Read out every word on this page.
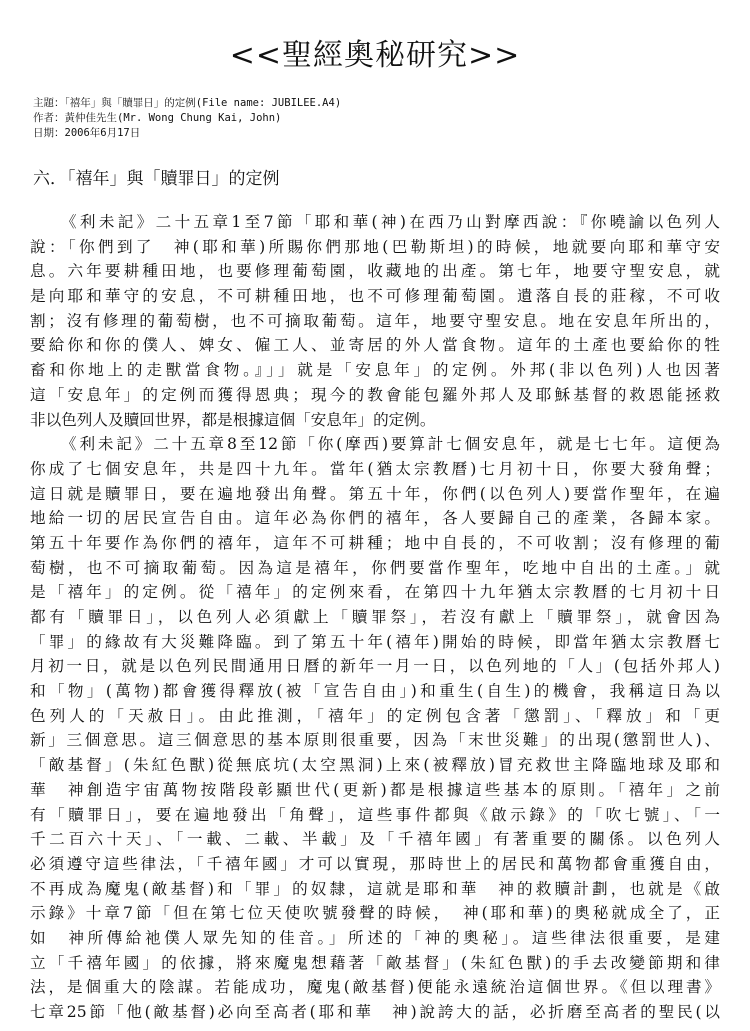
<<聖經奧秘研究>>
主題：「禧年」與「贖罪日」的定例(File name: JUBILEE.A4)
作者：黃仲佳先生(Mr. Wong Chung Kai, John)
日期：2006年6月17日
六．「禧年」與「贖罪日」的定例
《利未記》二十五章1至7節「耶和華(神)在西乃山對摩西說：『你曉諭以色列人
說：「你們到了　神(耶和華)所賜你們那地(巴勒斯坦)的時候，地就要向耶和華守安
息。六年要耕種田地，也要修理葡萄園，收藏地的出產。第七年，地要守聖安息，就
是向耶和華守的安息，不可耕種田地，也不可修理葡萄園。遺落自長的莊稼，不可收
割；沒有修理的葡萄樹，也不可摘取葡萄。這年，地要守聖安息。地在安息年所出的，
要給你和你的僕人、婢女、僱工人、並寄居的外人當食物。這年的土產也要給你的牲
畜和你地上的走獸當食物。』」」就是「安息年」的定例。外邦(非以色列)人也因著
這「安息年」的定例而獲得恩典；現今的教會能包羅外邦人及耶穌基督的救恩能拯救
非以色列人及贖回世界，都是根據這個「安息年」的定例。
《利未記》二十五章8至12節「你(摩西)要算計七個安息年，就是七七年。這便為
你成了七個安息年，共是四十九年。當年(猶太宗教曆)七月初十日，你要大發角聲；
這日就是贖罪日，要在遍地發出角聲。第五十年，你們(以色列人)要當作聖年，在遍
地給一切的居民宣告自由。這年必為你們的禧年，各人要歸自己的產業，各歸本家。
第五十年要作為你們的禧年，這年不可耕種；地中自長的，不可收割；沒有修理的葡
萄樹，也不可摘取葡萄。因為這是禧年，你們要當作聖年，吃地中自出的土產。」就
是「禧年」的定例。從「禧年」的定例來看，在第四十九年猶太宗教曆的七月初十日
都有「贖罪日」，以色列人必須獻上「贖罪祭」，若沒有獻上「贖罪祭」，就會因為
「罪」的緣故有大災難降臨。到了第五十年(禧年)開始的時候，即當年猶太宗教曆七
月初一日，就是以色列民間通用日曆的新年一月一日，以色列地的「人」(包括外邦人)
和「物」(萬物)都會獲得釋放(被「宣告自由」)和重生(自生)的機會，我稱這日為以
色列人的「天赦日」。由此推測，「禧年」的定例包含著「懲罰」、「釋放」和「更
新」三個意思。這三個意思的基本原則很重要，因為「末世災難」的出現(懲罰世人)、
「敵基督」(朱紅色獸)從無底坑(太空黑洞)上來(被釋放)冒充救世主降臨地球及耶和
華　神創造宇宙萬物按階段彰顯世代(更新)都是根據這些基本的原則。「禧年」之前
有「贖罪日」，要在遍地發出「角聲」，這些事件都與《啟示錄》的「吹七號」、「一
千二百六十天」、「一載、二載、半載」及「千禧年國」有著重要的關係。以色列人
必須遵守這些律法，「千禧年國」才可以實現，那時世上的居民和萬物都會重獲自由，
不再成為魔鬼(敵基督)和「罪」的奴隸，這就是耶和華　神的救贖計劃，也就是《啟
示錄》十章7節「但在第七位天使吹號發聲的時候，　神(耶和華)的奧秘就成全了，正
如　神所傳給祂僕人眾先知的佳音。」所述的「神的奧秘」。這些律法很重要，是建
立「千禧年國」的依據，將來魔鬼想藉著「敵基督」(朱紅色獸)的手去改變節期和律
法，是個重大的陰謀。若能成功，魔鬼(敵基督)便能永遠統治這個世界。《但以理書》
七章25節「他(敵基督)必向至高者(耶和華　神)說誇大的話，必折磨至高者的聖民(以
